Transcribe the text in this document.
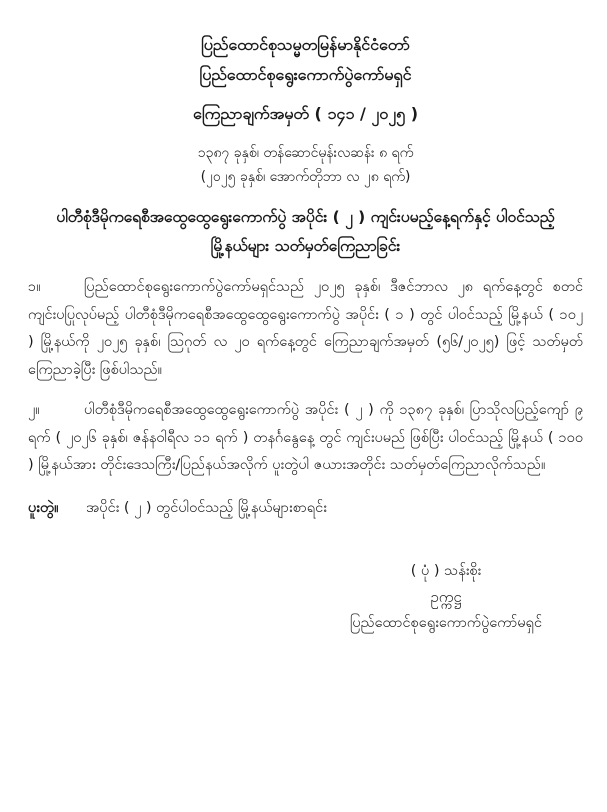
ပြည်ထောင်စုသမ္မတမြန်မာနိုင်ငံတော်
ပြည်ထောင်စုရွေးကောက်ပွဲကော်မရှင်
ကြေညာချက်အမှတ် ( ၁၄၁ / ၂၀၂၅ )
၁၃၈၇ ခုနှစ်၊ တန်ဆောင်မုန်းလဆန်း ၈ ရက်
(၂၀၂၅ ခုနှစ်၊ အောက်တိုဘာ လ ၂၈ ရက်)
ပါတီစုံဒီမိုကရေစီအထွေထွေရွေးကောက်ပွဲ အပိုင်း ( ၂ ) ကျင်းပမည့်နေ့ရက်နှင့် ပါဝင်သည့်
မြို့နယ်များ သတ်မှတ်ကြေညာခြင်း

၁။	ပြည်ထောင်စုရွေးကောက်ပွဲကော်မရှင်သည် ၂၀၂၅ ခုနှစ်၊ ဒီဇင်ဘာလ ၂၈ ရက်နေ့တွင် စတင်ကျင်းပပြုလုပ်မည့် ပါတီစုံဒီမိုကရေစီအထွေထွေရွေးကောက်ပွဲ အပိုင်း ( ၁ ) တွင် ပါဝင်သည့် မြို့နယ် ( ၁၀၂ ) မြို့နယ်ကို ၂၀၂၅ ခုနှစ်၊ ဩဂုတ် လ ၂၀ ရက်နေ့တွင် ကြေညာချက်အမှတ် (၅၆/၂၀၂၅) ဖြင့် သတ်မှတ်ကြေညာခဲ့ပြီး ဖြစ်ပါသည်။

၂။	ပါတီစုံဒီမိုကရေစီအထွေထွေရွေးကောက်ပွဲ အပိုင်း ( ၂ ) ကို ၁၃၈၇ ခုနှစ်၊ ပြာသိုလပြည့်ကျော် ၉ ရက် ( ၂၀၂၆ ခုနှစ်၊ ဇန်နဝါရီလ ၁၁ ရက် ) တနင်္ဂနွေနေ့ တွင် ကျင်းပမည် ဖြစ်ပြီး ပါဝင်သည့် မြို့နယ် ( ၁၀၀ ) မြို့နယ်အား တိုင်းဒေသကြီး/ပြည်နယ်အလိုက် ပူးတွဲပါ ဇယားအတိုင်း သတ်မှတ်ကြေညာလိုက်သည်။

ပူးတွဲ။ အပိုင်း ( ၂ ) တွင်ပါဝင်သည့် မြို့နယ်များစာရင်း

( ပုံ ) သန်းစိုး
ဥက္ကဋ္ဌ
ပြည်ထောင်စုရွေးကောက်ပွဲကော်မရှင်
